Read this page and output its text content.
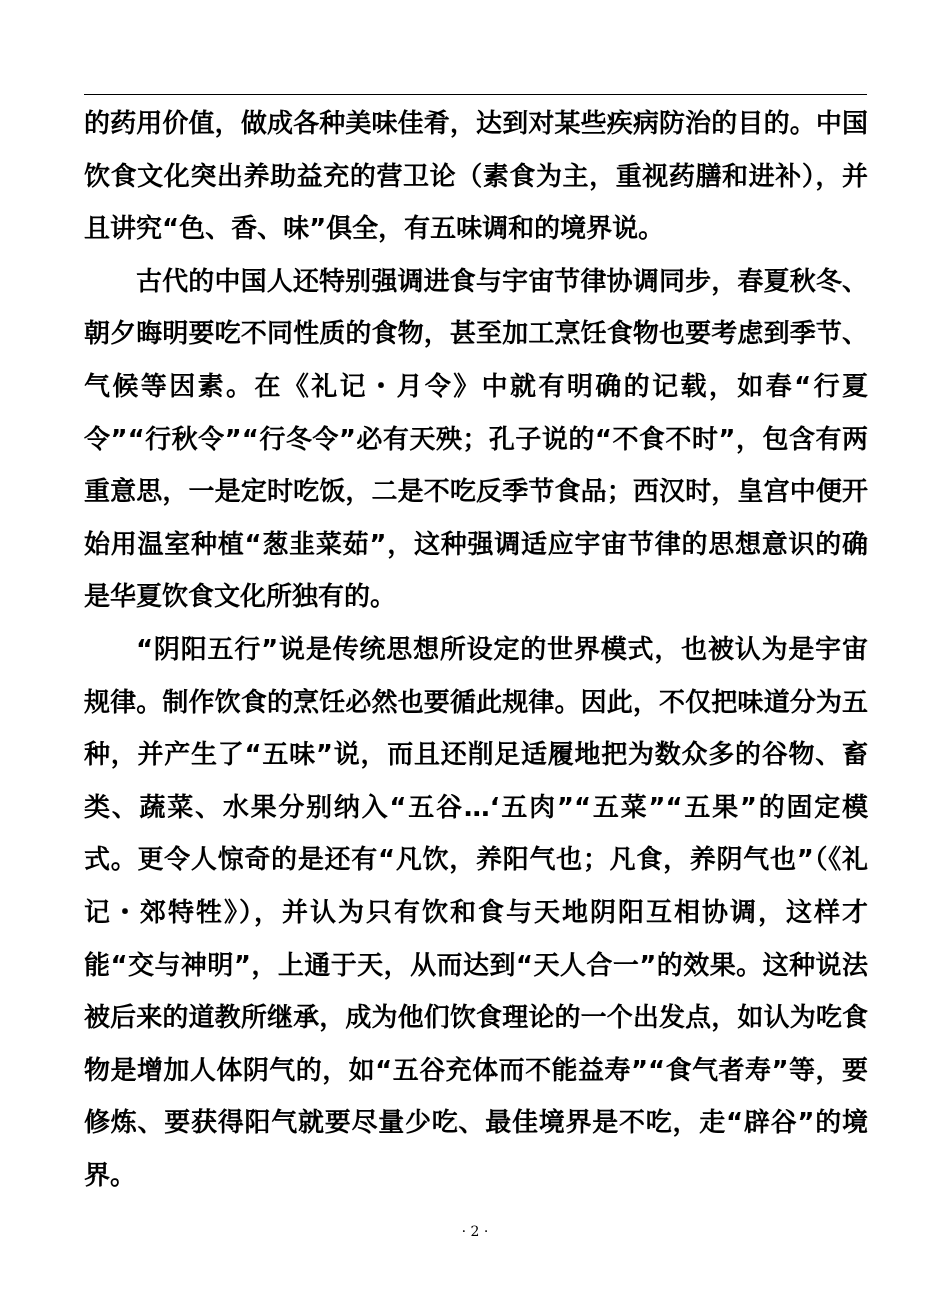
的药用价值，做成各种美味佳肴，达到对某些疾病防治的目的。中国饮食文化突出养助益充的营卫论（素食为主，重视药膳和进补），并且讲究“色、香、味”俱全，有五味调和的境界说。

古代的中国人还特别强调进食与宇宙节律协调同步，春夏秋冬、朝夕晦明要吃不同性质的食物，甚至加工烹饪食物也要考虑到季节、气候等因素。在《礼记・月令》中就有明确的记载，如春“行夏令”“行秋令”“行冬令”必有天殃；孔子说的“不食不时”，包含有两重意思，一是定时吃饭，二是不吃反季节食品；西汉时，皇宫中便开始用温室种植“葱韭菜茹”，这种强调适应宇宙节律的思想意识的确是华夏饮食文化所独有的。

“阴阳五行”说是传统思想所设定的世界模式，也被认为是宇宙规律。制作饮食的烹饪必然也要循此规律。因此，不仅把味道分为五种，并产生了“五味”说，而且还削足适履地把为数众多的谷物、畜类、蔬菜、水果分别纳入“五谷…‘五肉”“五菜”“五果”的固定模式。更令人惊奇的是还有“凡饮，养阳气也；凡食，养阴气也”（《礼记・郊特牲》），并认为只有饮和食与天地阴阳互相协调，这样才能“交与神明”，上通于天，从而达到“天人合一”的效果。这种说法被后来的道教所继承，成为他们饮食理论的一个出发点，如认为吃食物是增加人体阴气的，如“五谷充体而不能益寿”“食气者寿”等，要修炼、要获得阳气就要尽量少吃、最佳境界是不吃，走“辟谷”的境界。

· 2 ·
